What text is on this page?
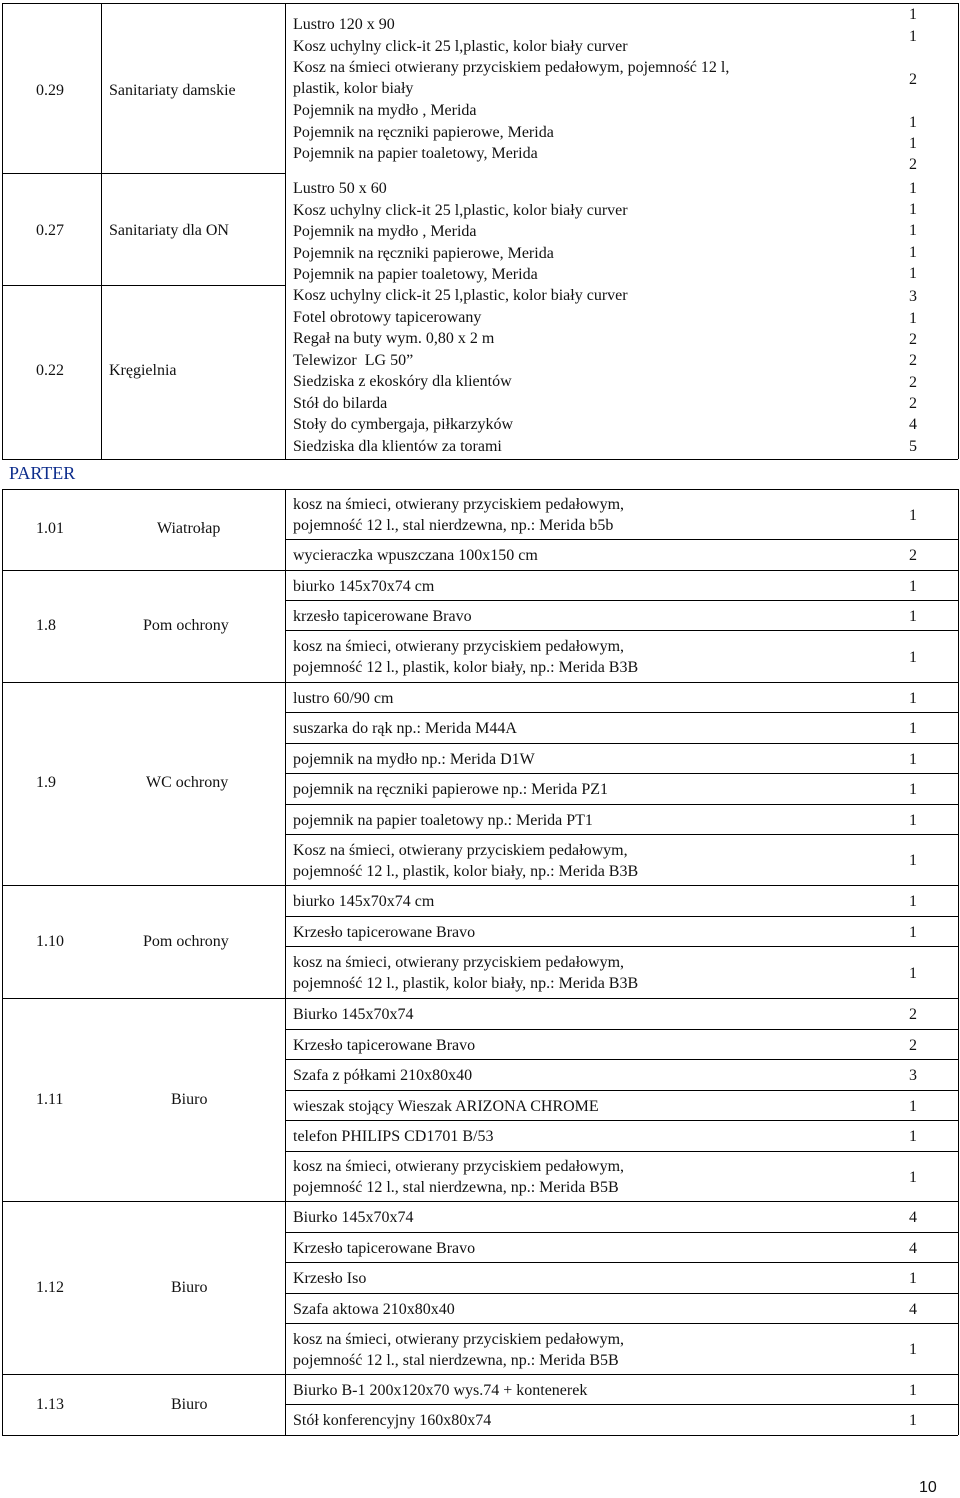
PARTER
10
0.29	Sanitariaty damskie
Lustro 120 x 90
1
Kosz uchylny click-it 25 l,plastic, kolor biały curver
1
Kosz na śmieci otwierany przyciskiem pedałowym, pojemność 12 l,
plastik, kolor biały
2
Pojemnik na mydło , Merida
1
Pojemnik na ręczniki papierowe, Merida
1
Pojemnik na papier toaletowy, Merida
2
0.27	Sanitariaty dla ON
Lustro 50 x 60	1
Kosz uchylny click-it 25 l,plastic, kolor biały curver	1
Pojemnik na mydło , Merida	1
Pojemnik na ręczniki papierowe, Merida	1
Pojemnik na papier toaletowy, Merida	1
0.22	Kręgielnia
Kosz uchylny click-it 25 l,plastic, kolor biały curver	3
Fotel obrotowy tapicerowany	1
Regał na buty wym. 0,80 x 2 m	2
Telewizor  LG 50”	2
Siedziska z ekoskóry dla klientów	2
Stół do bilarda	2
Stoły do cymbergaja, piłkarzyków	4
Siedziska dla klientów za torami	5
1.01	Wiatrołap
kosz na śmieci, otwierany przyciskiem pedałowym,
pojemność 12 l., stal nierdzewna, np.: Merida b5b
1
wycieraczka wpuszczana 100x150 cm	2
1.8	Pom ochrony
biurko 145x70x74 cm	1
krzesło tapicerowane Bravo	1
kosz na śmieci, otwierany przyciskiem pedałowym,
pojemność 12 l., plastik, kolor biały, np.: Merida B3B
1
1.9	WC ochrony
lustro 60/90 cm	1
suszarka do rąk np.: Merida M44A	1
pojemnik na mydło np.: Merida D1W	1
pojemnik na ręczniki papierowe np.: Merida PZ1	1
pojemnik na papier toaletowy np.: Merida PT1	1
Kosz na śmieci, otwierany przyciskiem pedałowym,
pojemność 12 l., plastik, kolor biały, np.: Merida B3B
1
1.10	Pom ochrony
biurko 145x70x74 cm	1
Krzesło tapicerowane Bravo	1
kosz na śmieci, otwierany przyciskiem pedałowym,
pojemność 12 l., plastik, kolor biały, np.: Merida B3B
1
1.11	Biuro
Biurko 145x70x74	2
Krzesło tapicerowane Bravo	2
Szafa z półkami 210x80x40	3
wieszak stojący Wieszak ARIZONA CHROME	1
telefon PHILIPS CD1701 B/53	1
kosz na śmieci, otwierany przyciskiem pedałowym,
pojemność 12 l., stal nierdzewna, np.: Merida B5B
1
1.12	Biuro
Biurko 145x70x74	4
Krzesło tapicerowane Bravo	4
Krzesło Iso	1
Szafa aktowa 210x80x40	4
kosz na śmieci, otwierany przyciskiem pedałowym,
pojemność 12 l., stal nierdzewna, np.: Merida B5B
1
1.13	Biuro
Biurko B-1 200x120x70 wys.74 + kontenerek	1
Stół konferencyjny 160x80x74	1
